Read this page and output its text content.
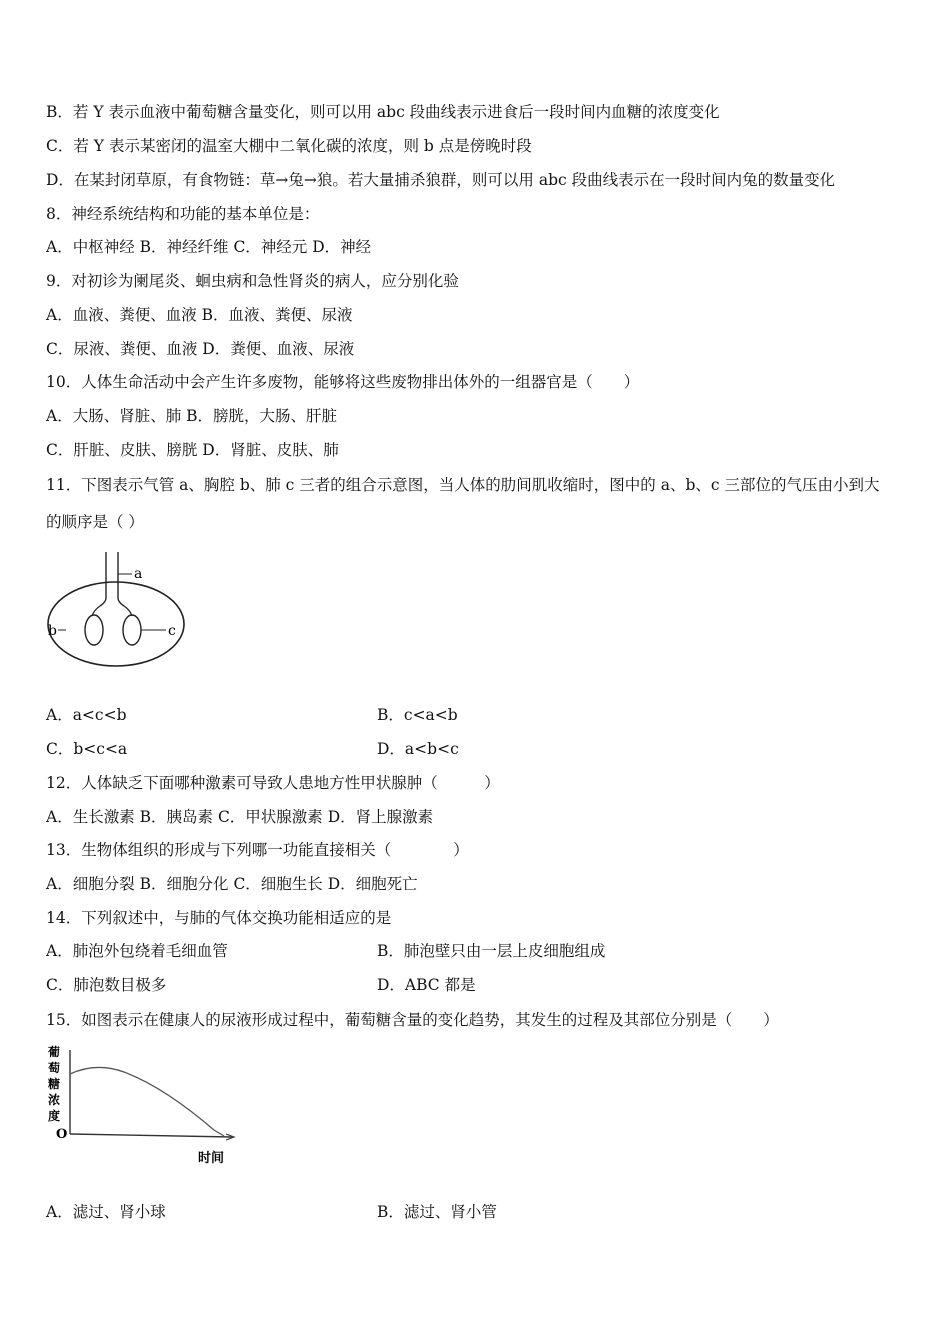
B．若 Y 表示血液中葡萄糖含量变化，则可以用 abc 段曲线表示进食后一段时间内血糖的浓度变化
C．若 Y 表示某密闭的温室大棚中二氧化碳的浓度，则 b 点是傍晚时段
D．在某封闭草原，有食物链：草→兔→狼。若大量捕杀狼群，则可以用 abc 段曲线表示在一段时间内兔的数量变化
8．神经系统结构和功能的基本单位是：
A．中枢神经 B．神经纤维 C．神经元 D．神经
9．对初诊为阑尾炎、蛔虫病和急性肾炎的病人，应分别化验
A．血液、粪便、血液 B．血液、粪便、尿液
C．尿液、粪便、血液 D．粪便、血液、尿液
10．人体生命活动中会产生许多废物，能够将这些废物排出体外的一组器官是（　　）
A．大肠、肾脏、肺 B．膀胱，大肠、肝脏
C．肝脏、皮肤、膀胱 D．肾脏、皮肤、肺
11．下图表示气管 a、胸腔 b、肺 c 三者的组合示意图，当人体的肋间肌收缩时，图中的 a、b、c 三部位的气压由小到大
的顺序是（ ）
a
b	c
A．a<c<b	B．c<a<b
C．b<c<a	D．a<b<c
12．人体缺乏下面哪种激素可导致人患地方性甲状腺肿（　　　）
A．生长激素 B．胰岛素 C．甲状腺激素 D．肾上腺激素
13．生物体组织的形成与下列哪一功能直接相关（　　　　）
A．细胞分裂 B．细胞分化 C．细胞生长 D．细胞死亡
14．下列叙述中，与肺的气体交换功能相适应的是
A．肺泡外包绕着毛细血管	B．肺泡壁只由一层上皮细胞组成
C．肺泡数目极多	D．ABC 都是
15．如图表示在健康人的尿液形成过程中，葡萄糖含量的变化趋势，其发生的过程及其部位分别是（　　）
葡
萄
糖
浓
度
O
时间
A．滤过、肾小球	B．滤过、肾小管
